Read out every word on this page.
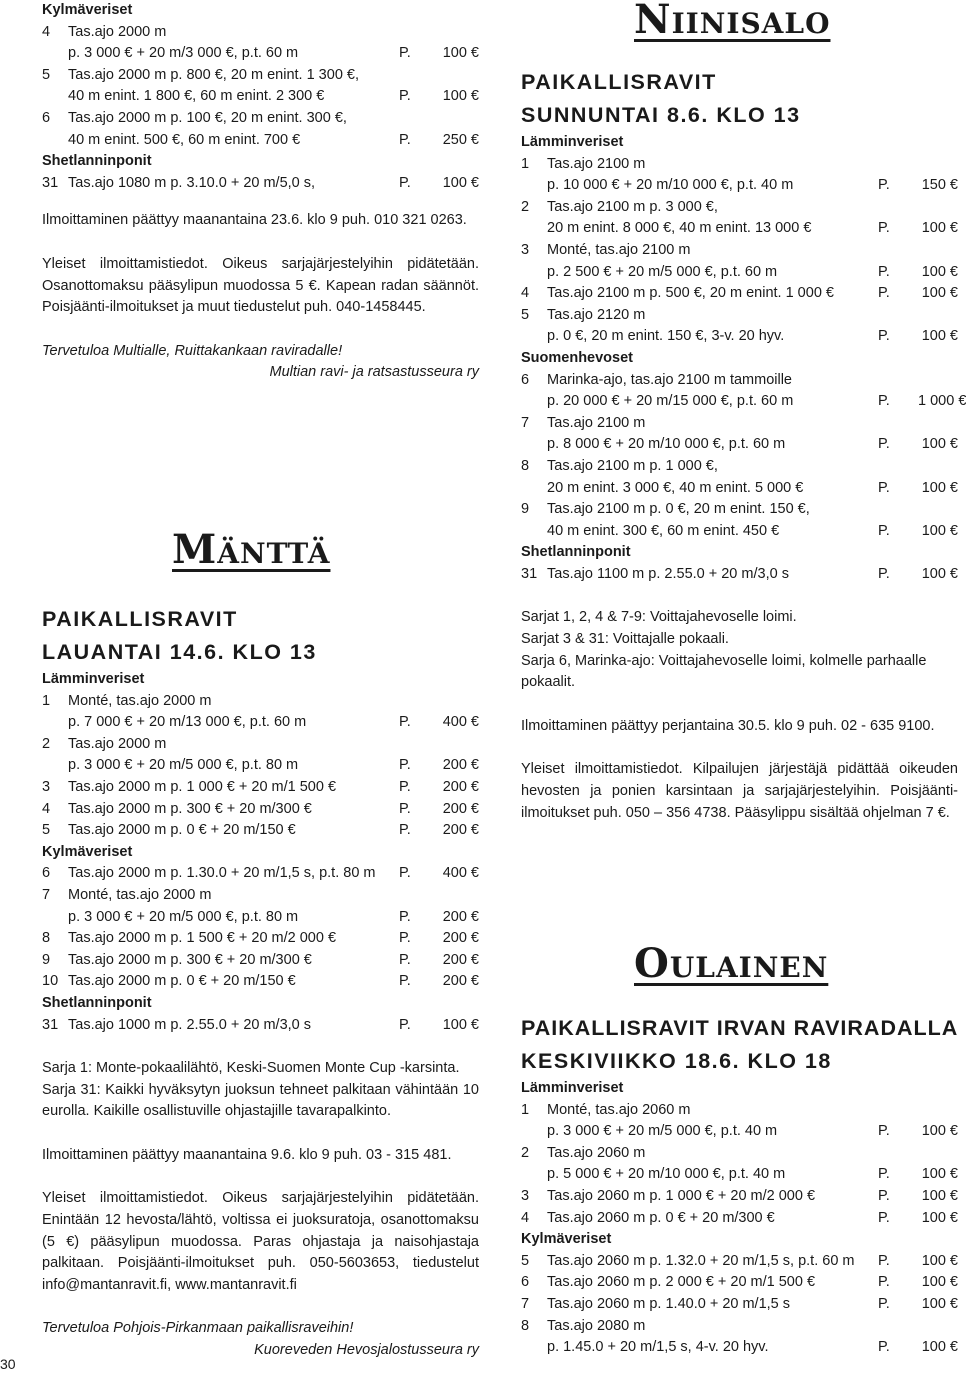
Kylmäveriset
4	Tas.ajo 2000 m
p. 3 000 € + 20 m/3 000 €, p.t. 60 m	P.	100 €
5	Tas.ajo 2000 m p. 800 €, 20 m enint. 1 300 €,
40 m enint. 1 800 €, 60 m enint. 2 300 €	P.	100 €
6	Tas.ajo 2000 m p. 100 €, 20 m enint. 300 €,
40 m enint. 500 €, 60 m enint. 700 €	P.	250 €
Shetlanninponit
31 Tas.ajo 1080 m p. 3.10.0 + 20 m/5,0 s,	P.	100 €
Ilmoittaminen päättyy maanantaina 23.6. klo 9 puh. 010 321 0263.
Yleiset ilmoittamistiedot. Oikeus sarjajärjestelyihin pidätetään. Osanottomaksu pääsylipun muodossa 5 €. Kapean radan säännöt. Poisjäänti-ilmoitukset ja muut tiedustelut puh. 040-1458445.
Tervetuloa Multialle, Ruittakankaan raviradalle!
Multian ravi- ja ratsastusseura ry
Mänttä
PAIKALLISRAVIT
LAUANTAI 14.6. KLO 13
Lämminveriset
1	Monté, tas.ajo 2000 m
p. 7 000 € + 20 m/13 000 €, p.t. 60 m	P.	400 €
2	Tas.ajo 2000 m
p. 3 000 € + 20 m/5 000 €, p.t. 80 m	P.	200 €
3	Tas.ajo 2000 m p. 1 000 € + 20 m/1 500 €	P.	200 €
4	Tas.ajo 2000 m p. 300 € + 20 m/300 €	P.	200 €
5	Tas.ajo 2000 m p. 0 € + 20 m/150 €	P.	200 €
Kylmäveriset
6	Tas.ajo 2000 m p. 1.30.0 + 20 m/1,5 s, p.t. 80 m	P.	400 €
7	Monté, tas.ajo 2000 m
p. 3 000 € + 20 m/5 000 €, p.t. 80 m	P.	200 €
8	Tas.ajo 2000 m p. 1 500 € + 20 m/2 000 €	P.	200 €
9	Tas.ajo 2000 m p. 300 € + 20 m/300 €	P.	200 €
10 Tas.ajo 2000 m p. 0 € + 20 m/150 €	P.	200 €
Shetlanninponit
31 Tas.ajo 1000 m p. 2.55.0 + 20 m/3,0 s	P.	100 €
Sarja 1: Monte-pokaalilähtö, Keski-Suomen Monte Cup -karsinta.
Sarja 31: Kaikki hyväksytyn juoksun tehneet palkitaan vähintään 10 eurolla. Kaikille osallistuville ohjastajille tavarapalkinto.
Ilmoittaminen päättyy maanantaina 9.6. klo 9 puh. 03 - 315 481.
Yleiset ilmoittamistiedot. Oikeus sarjajärjestelyihin pidätetään. Enintään 12 hevosta/lähtö, voltissa ei juoksuratoja, osanottomaksu (5 €) pääsylipun muodossa. Paras ohjastaja ja naisohjastaja palkitaan. Poisjäänti-ilmoitukset puh. 050-5603653, tiedustelut info@mantanravit.fi, www.mantanravit.fi
Tervetuloa Pohjois-Pirkanmaan paikallisraveihin!
Kuoreveden Hevosjalostusseura ry
Niinisalo
PAIKALLISRAVIT
SUNNUNTAI 8.6. KLO 13
Lämminveriset
1	Tas.ajo 2100 m
p. 10 000 € + 20 m/10 000 €, p.t. 40 m	P.	150 €
2	Tas.ajo 2100 m p. 3 000 €,
20 m enint. 8 000 €, 40 m enint. 13 000 €	P.	100 €
3	Monté, tas.ajo 2100 m
p. 2 500 € + 20 m/5 000 €, p.t. 60 m	P.	100 €
4	Tas.ajo 2100 m p. 500 €, 20 m enint. 1 000 €	P.	100 €
5	Tas.ajo 2120 m
p. 0 €, 20 m enint. 150 €, 3-v. 20 hyv.	P.	100 €
Suomenhevoset
6	Marinka-ajo, tas.ajo 2100 m tammoille
p. 20 000 € + 20 m/15 000 €, p.t. 60 m	P.	1 000 €
7	Tas.ajo 2100 m
p. 8 000 € + 20 m/10 000 €, p.t. 60 m	P.	100 €
8	Tas.ajo 2100 m p. 1 000 €,
20 m enint. 3 000 €, 40 m enint. 5 000 €	P.	100 €
9	Tas.ajo 2100 m p. 0 €, 20 m enint. 150 €,
40 m enint. 300 €, 60 m enint. 450 €	P.	100 €
Shetlanninponit
31 Tas.ajo 1100 m p. 2.55.0 + 20 m/3,0 s	P.	100 €
Sarjat 1, 2, 4 & 7-9: Voittajahevoselle loimi.
Sarjat 3 & 31: Voittajalle pokaali.
Sarja 6, Marinka-ajo: Voittajahevoselle loimi, kolmelle parhaalle pokaalit.
Ilmoittaminen päättyy perjantaina 30.5. klo 9 puh. 02 - 635 9100.
Yleiset ilmoittamistiedot. Kilpailujen järjestäjä pidättää oikeuden hevosten ja ponien karsintaan ja sarjajärjestelyihin. Poisjäänti-ilmoitukset puh. 050 – 356 4738. Pääsylippu sisältää ohjelman 7 €.
Oulainen
PAIKALLISRAVIT IRVAN RAVIRADALLA
KESKIVIIKKO 18.6. KLO 18
Lämminveriset
1	Monté, tas.ajo 2060 m
p. 3 000 € + 20 m/5 000 €, p.t. 40 m	P.	100 €
2	Tas.ajo 2060 m
p. 5 000 € + 20 m/10 000 €, p.t. 40 m	P.	100 €
3	Tas.ajo 2060 m p. 1 000 € + 20 m/2 000 €	P.	100 €
4	Tas.ajo 2060 m p. 0 € + 20 m/300 €	P.	100 €
Kylmäveriset
5	Tas.ajo 2060 m p. 1.32.0 + 20 m/1,5 s, p.t. 60 m	P.	100 €
6	Tas.ajo 2060 m p. 2 000 € + 20 m/1 500 €	P.	100 €
7	Tas.ajo 2060 m p. 1.40.0 + 20 m/1,5 s	P.	100 €
8	Tas.ajo 2080 m
p. 1.45.0 + 20 m/1,5 s, 4-v. 20 hyv.	P.	100 €
30
